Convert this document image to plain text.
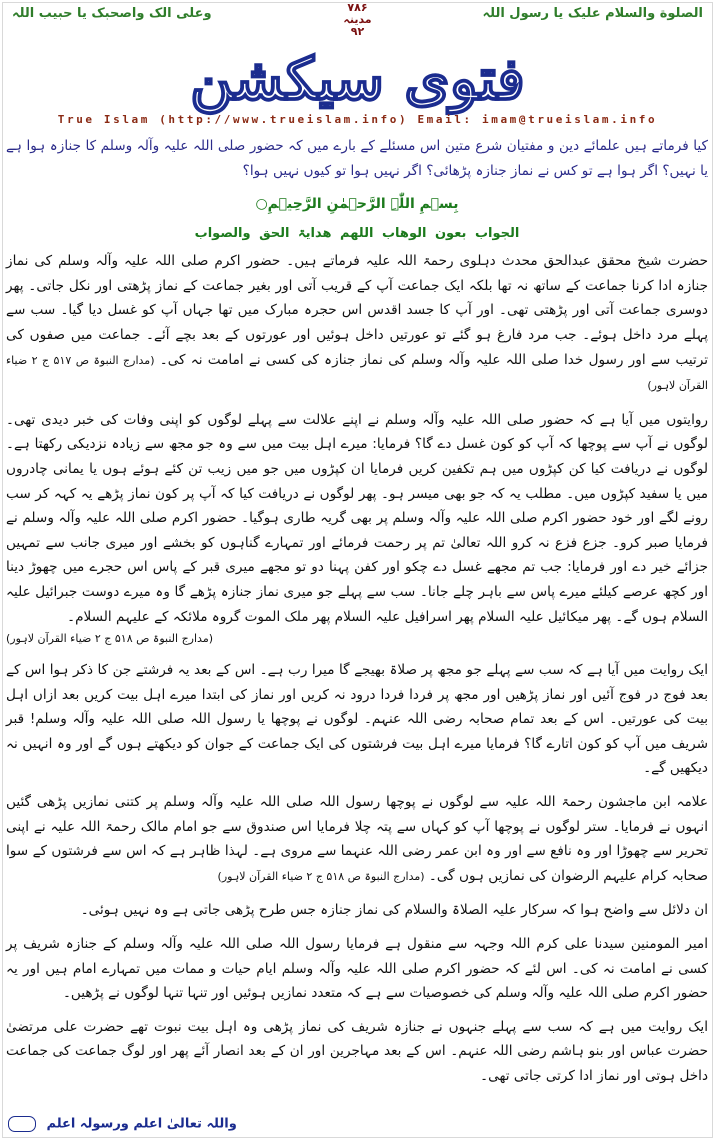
الصلوة والسلام علیک یا رسول اللہ
۷۸۶
مدینہ
۹۲
وعلی الک واصحبک یا حبیب اللہ
فتوی سیکشن
True Islam (http://www.trueislam.info) Email: imam@trueislam.info

کیا فرماتے ہیں علمائے دین و مفتیان شرع متین اس مسئلے کے بارے میں کہ حضور صلی اللہ علیہ وآلہ وسلم کا جنازہ ہوا ہے یا نہیں؟ اگر ہوا ہے تو کس نے نماز جنازہ پڑھائی؟ اگر نہیں ہوا تو کیوں نہیں ہوا؟

بِسۡمِ اللّٰہِ الرَّحۡمٰنِ الرَّحِیۡمِ○
الجواب بعون الوھاب اللھم ھدایۃ الحق والصواب

حضرت شیخ محقق عبدالحق محدث دہلوی رحمۃ اللہ علیہ فرماتے ہیں۔ حضور اکرم صلی اللہ علیہ وآلہ وسلم کی نماز جنازہ ادا کرنا جماعت کے ساتھ نہ تھا بلکہ ایک جماعت آپ کے قریب آتی اور بغیر جماعت کے نماز پڑھتی اور نکل جاتی۔ پھر دوسری جماعت آتی اور پڑھتی تھی۔ اور آپ کا جسد اقدس اس حجرہ مبارک میں تھا جہاں آپ کو غسل دیا گیا۔ سب سے پہلے مرد داخل ہوئے۔ جب مرد فارغ ہو گئے تو عورتیں داخل ہوئیں اور عورتوں کے بعد بچے آئے۔ جماعت میں صفوں کی ترتیب سے اور رسول خدا صلی اللہ علیہ وآلہ وسلم کی نماز جنازہ کی کسی نے امامت نہ کی۔ (مدارج النبوۃ ص ۵۱۷ ج ۲ ضیاء القرآن لاہور)

روایتوں میں آیا ہے کہ حضور صلی اللہ علیہ وآلہ وسلم نے اپنے علالت سے پہلے لوگوں کو اپنی وفات کی خبر دیدی تھی۔ لوگوں نے آپ سے پوچھا کہ آپ کو کون غسل دے گا؟ فرمایا: میرے اہل بیت میں سے وہ جو مجھ سے زیادہ نزدیکی رکھتا ہے۔ لوگوں نے دریافت کیا کن کپڑوں میں ہم تکفین کریں فرمایا ان کپڑوں میں جو میں زیب تن کئے ہوئے ہوں یا یمانی چادروں میں یا سفید کپڑوں میں۔ مطلب یہ کہ جو بھی میسر ہو۔ پھر لوگوں نے دریافت کیا کہ آپ پر کون نماز پڑھے یہ کہہ کر سب رونے لگے اور خود حضور اکرم صلی اللہ علیہ وآلہ وسلم پر بھی گریہ طاری ہوگیا۔ حضور اکرم صلی اللہ علیہ وآلہ وسلم نے فرمایا صبر کرو۔ جزع فزع نہ کرو اللہ تعالیٰ تم پر رحمت فرمائے اور تمہارے گناہوں کو بخشے اور میری جانب سے تمہیں جزائے خیر دے اور فرمایا: جب تم مجھے غسل دے چکو اور کفن پہنا دو تو مجھے میری قبر کے پاس اس حجرے میں چھوڑ دینا اور کچھ عرصے کیلئے میرے پاس سے باہر چلے جانا۔ سب سے پہلے جو میری نماز جنازہ پڑھے گا وہ میرے دوست جبرائیل علیہ السلام ہوں گے۔ پھر میکائیل علیہ السلام پھر اسرافیل علیہ السلام پھر ملک الموت گروہ ملائکہ کے علیہم السلام۔

(مدارج النبوۃ ص ۵۱۸ ج ۲ ضیاء القرآن لاہور)

ایک روایت میں آیا ہے کہ سب سے پہلے جو مجھ پر صلاۃ بھیجے گا میرا رب ہے۔ اس کے بعد یہ فرشتے جن کا ذکر ہوا اس کے بعد فوج در فوج آئیں اور نماز پڑھیں اور مجھ پر فردا فردا درود نہ کریں اور نماز کی ابتدا میرے اہل بیت کریں بعد ازاں اہل بیت کی عورتیں۔ اس کے بعد تمام صحابہ رضی اللہ عنہم۔ لوگوں نے پوچھا یا رسول اللہ صلی اللہ علیہ وآلہ وسلم! قبر شریف میں آپ کو کون اتارے گا؟ فرمایا میرے اہل بیت فرشتوں کی ایک جماعت کے جوان کو دیکھتے ہوں گے اور وہ انہیں نہ دیکھیں گے۔

علامہ ابن ماجشون رحمۃ اللہ علیہ سے لوگوں نے پوچھا رسول اللہ صلی اللہ علیہ وآلہ وسلم پر کتنی نمازیں پڑھی گئیں انہوں نے فرمایا۔ ستر لوگوں نے پوچھا آپ کو کہاں سے پتہ چلا فرمایا اس صندوق سے جو امام مالک رحمۃ اللہ علیہ نے اپنی تحریر سے چھوڑا اور وہ نافع سے اور وہ ابن عمر رضی اللہ عنہما سے مروی ہے۔ لہذا ظاہر ہے کہ اس سے فرشتوں کے سوا صحابہ کرام علیہم الرضوان کی نمازیں ہوں گی۔ (مدارج النبوۃ ص ۵۱۸ ج ۲ ضیاء القرآن لاہور)

ان دلائل سے واضح ہوا کہ سرکار علیہ الصلاۃ والسلام کی نماز جنازہ جس طرح پڑھی جاتی ہے وہ نہیں ہوئی۔

امیر المومنین سیدنا علی کرم اللہ وجہہ سے منقول ہے فرمایا رسول اللہ صلی اللہ علیہ وآلہ وسلم کے جنازہ شریف پر کسی نے امامت نہ کی۔ اس لئے کہ حضور اکرم صلی اللہ علیہ وآلہ وسلم ایام حیات و ممات میں تمہارے امام ہیں اور یہ حضور اکرم صلی اللہ علیہ وآلہ وسلم کی خصوصیات سے ہے کہ متعدد نمازیں ہوئیں اور تنہا تنہا لوگوں نے پڑھیں۔

ایک روایت میں ہے کہ سب سے پہلے جنہوں نے جنازہ شریف کی نماز پڑھی وہ اہل بیت نبوت تھے حضرت علی مرتضیٰ حضرت عباس اور بنو ہاشم رضی اللہ عنہم۔ اس کے بعد مہاجرین اور ان کے بعد انصار آئے پھر اور لوگ جماعت کی جماعت داخل ہوتی اور نماز ادا کرتی جاتی تھی۔

واللہ تعالیٰ اعلم ورسولہ اعلم
